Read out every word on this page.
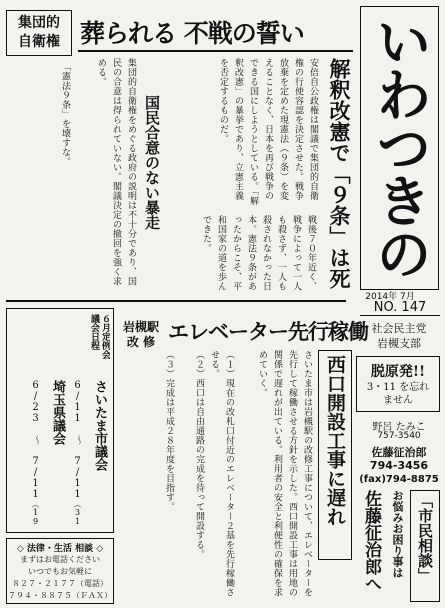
いわつきの
2014年 7月
NO. 147
社会民主党
岩槻支部
集団的
自衛権 葬られる 不戦の誓い
解釈改憲で「９条」は死
安倍自公政権は閣議で集団的自衛権の行使容認を決定させた。戦争放棄を定めた現憲法（９条）を変えることなく、日本を再び戦争のできる国にしようとしている。「解釈改憲」の暴挙であり、立憲主義を否定するものだ。
戦後７０年近く、戦争によって一人も殺さず、一人も殺されなかった日本。憲法９条があったからこそ、平和国家の道を歩んできた。
国民合意のない暴走
集団的自衛権をめぐる政府の説明は不十分であり、国民の合意は得られていない。閣議決定の撤回を強く求める。
「憲法９条」を壊すな。
岩槻駅
改 修 エレベーター先行稼働
西口開設工事に遅れ
さいたま市は岩槻駅の改修工事について、エレベーターを先行して稼働させる方針を示した。西口開設工事は用地の関係で遅れが出ている。利用者の安全と利便性の確保を求めていく。
（１）現在の改札口付近のエレベーター２基を先行稼働させる。
（２）西口は自由通路の完成を待って開設する。
（３）完成は平成２８年度を目指す。
６月定例会
議会日程
さいたま市議会
6/11 ～ 7/11
（31
埼玉県議会
6/23 ～ 7/11
（19
◇ 法律・生活 相談 ◇
まずはお電話ください
いつでもお気軽に
８２７・２１７７（電話）
７９４・８８７５（ＦＡＸ）
脱原発!!
3・11 を忘れ
ません
野呂 たみこ
757-3540
佐藤征治郎
794-3456
(fax)794-8875
「市民相談」
お悩みお困り事は
佐藤征治郎へ
